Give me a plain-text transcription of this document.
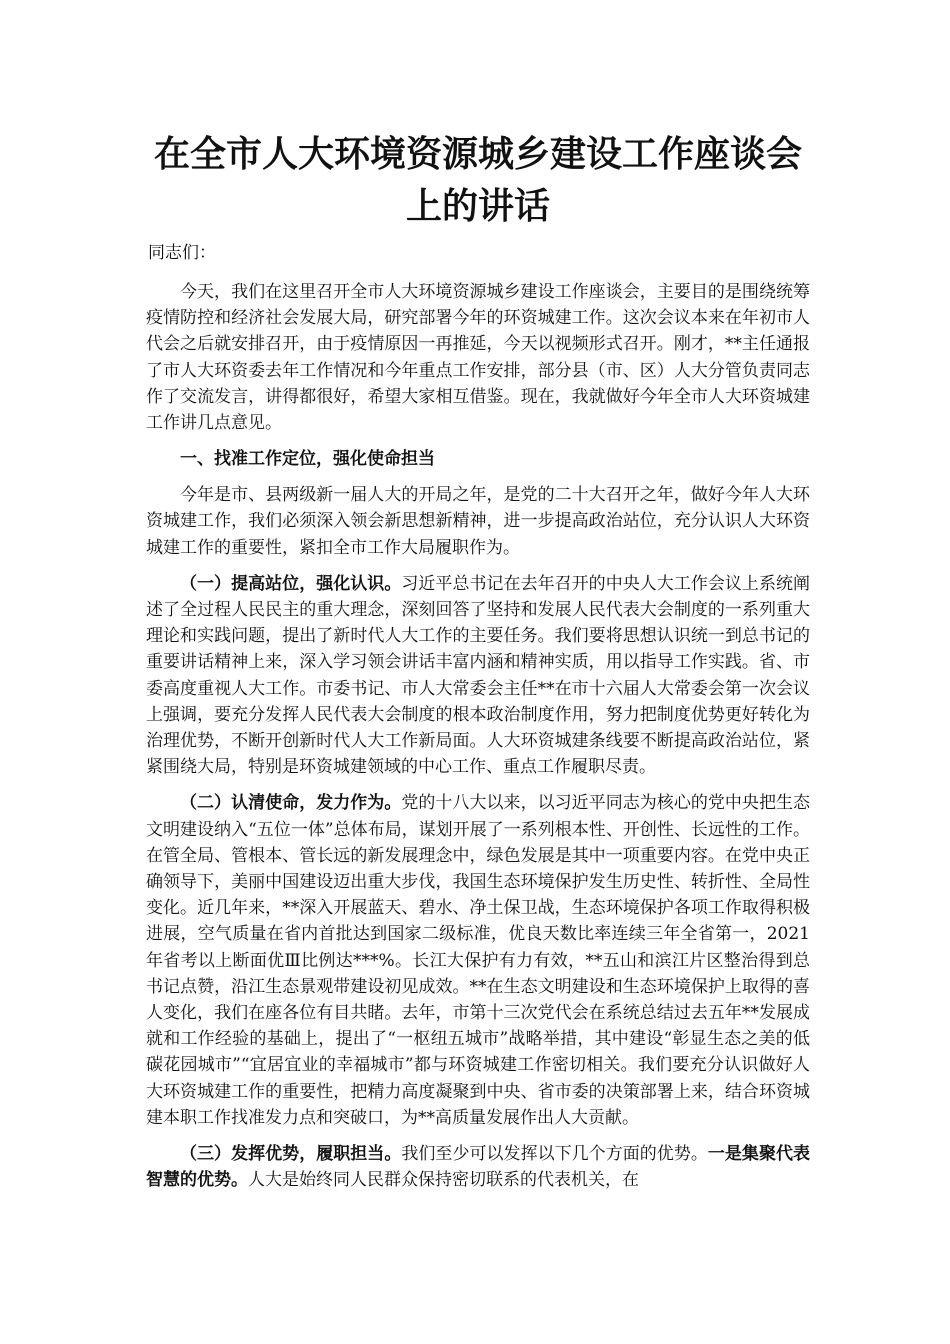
在全市人大环境资源城乡建设工作座谈会
上的讲话

同志们：

今天，我们在这里召开全市人大环境资源城乡建设工作座谈会，主要目的是围绕统筹疫情防控和经济社会发展大局，研究部署今年的环资城建工作。这次会议本来在年初市人代会之后就安排召开，由于疫情原因一再推延，今天以视频形式召开。刚才，**主任通报了市人大环资委去年工作情况和今年重点工作安排，部分县（市、区）人大分管负责同志作了交流发言，讲得都很好，希望大家相互借鉴。现在，我就做好今年全市人大环资城建工作讲几点意见。

一、找准工作定位，强化使命担当

今年是市、县两级新一届人大的开局之年，是党的二十大召开之年，做好今年人大环资城建工作，我们必须深入领会新思想新精神，进一步提高政治站位，充分认识人大环资城建工作的重要性，紧扣全市工作大局履职作为。

（一）提高站位，强化认识。习近平总书记在去年召开的中央人大工作会议上系统阐述了全过程人民民主的重大理念，深刻回答了坚持和发展人民代表大会制度的一系列重大理论和实践问题，提出了新时代人大工作的主要任务。我们要将思想认识统一到总书记的重要讲话精神上来，深入学习领会讲话丰富内涵和精神实质，用以指导工作实践。省、市委高度重视人大工作。市委书记、市人大常委会主任**在市十六届人大常委会第一次会议上强调，要充分发挥人民代表大会制度的根本政治制度作用，努力把制度优势更好转化为治理优势，不断开创新时代人大工作新局面。人大环资城建条线要不断提高政治站位，紧紧围绕大局，特别是环资城建领域的中心工作、重点工作履职尽责。

（二）认清使命，发力作为。党的十八大以来，以习近平同志为核心的党中央把生态文明建设纳入“五位一体”总体布局，谋划开展了一系列根本性、开创性、长远性的工作。在管全局、管根本、管长远的新发展理念中，绿色发展是其中一项重要内容。在党中央正确领导下，美丽中国建设迈出重大步伐，我国生态环境保护发生历史性、转折性、全局性变化。近几年来，**深入开展蓝天、碧水、净土保卫战，生态环境保护各项工作取得积极进展，空气质量在省内首批达到国家二级标准，优良天数比率连续三年全省第一，2021年省考以上断面优Ⅲ比例达***%。长江大保护有力有效，**五山和滨江片区整治得到总书记点赞，沿江生态景观带建设初见成效。**在生态文明建设和生态环境保护上取得的喜人变化，我们在座各位有目共睹。去年，市第十三次党代会在系统总结过去五年**发展成就和工作经验的基础上，提出了“一枢纽五城市”战略举措，其中建设“彰显生态之美的低碳花园城市”“宜居宜业的幸福城市”都与环资城建工作密切相关。我们要充分认识做好人大环资城建工作的重要性，把精力高度凝聚到中央、省市委的决策部署上来，结合环资城建本职工作找准发力点和突破口，为**高质量发展作出人大贡献。

（三）发挥优势，履职担当。我们至少可以发挥以下几个方面的优势。一是集聚代表智慧的优势。人大是始终同人民群众保持密切联系的代表机关，在
